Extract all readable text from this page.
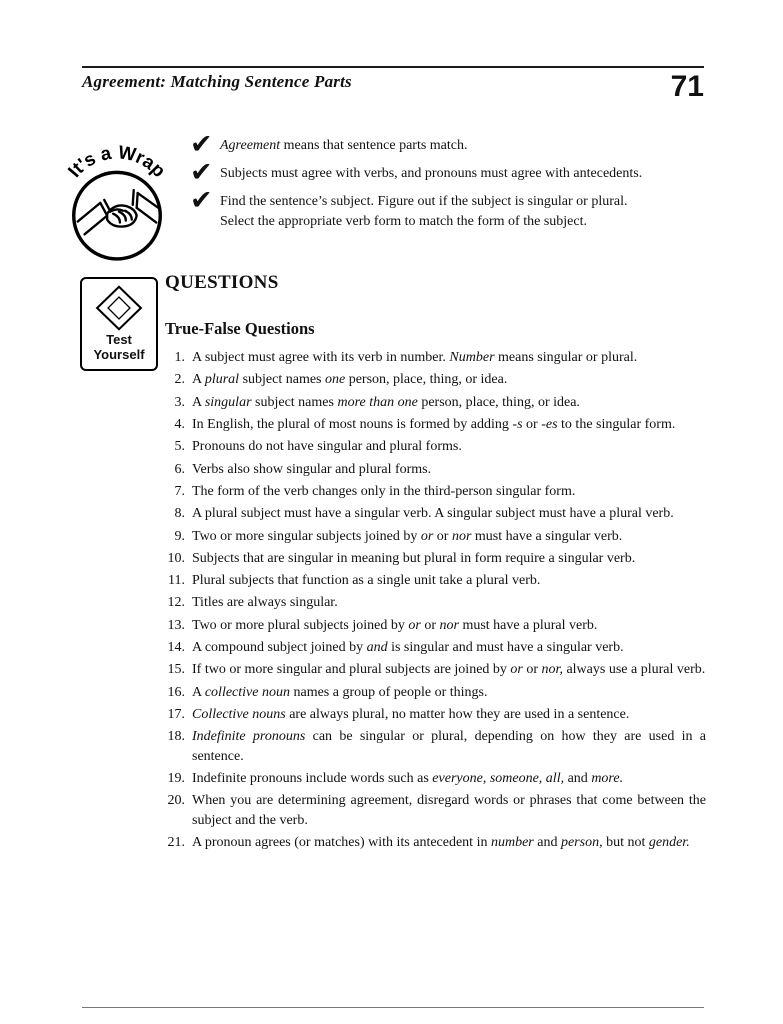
Agreement: Matching Sentence Parts	71
It's a Wrap
✔ Agreement means that sentence parts match.
✔ Subjects must agree with verbs, and pronouns must agree with antecedents.
✔ Find the sentence’s subject. Figure out if the subject is singular or plural.
Select the appropriate verb form to match the form of the subject.
Test
Yourself
QUESTIONS
True-False Questions
1. A subject must agree with its verb in number. Number means singular or plural.
2. A plural subject names one person, place, thing, or idea.
3. A singular subject names more than one person, place, thing, or idea.
4. In English, the plural of most nouns is formed by adding -s or -es to the singular form.
5. Pronouns do not have singular and plural forms.
6. Verbs also show singular and plural forms.
7. The form of the verb changes only in the third-person singular form.
8. A plural subject must have a singular verb. A singular subject must have a plural verb.
9. Two or more singular subjects joined by or or nor must have a singular verb.
10. Subjects that are singular in meaning but plural in form require a singular verb.
11. Plural subjects that function as a single unit take a plural verb.
12. Titles are always singular.
13. Two or more plural subjects joined by or or nor must have a plural verb.
14. A compound subject joined by and is singular and must have a singular verb.
15. If two or more singular and plural subjects are joined by or or nor, always use a plural verb.
16. A collective noun names a group of people or things.
17. Collective nouns are always plural, no matter how they are used in a sentence.
18. Indefinite pronouns can be singular or plural, depending on how they are used in a sentence.
19. Indefinite pronouns include words such as everyone, someone, all, and more.
20. When you are determining agreement, disregard words or phrases that come between the subject and the verb.
21. A pronoun agrees (or matches) with its antecedent in number and person, but not gender.
